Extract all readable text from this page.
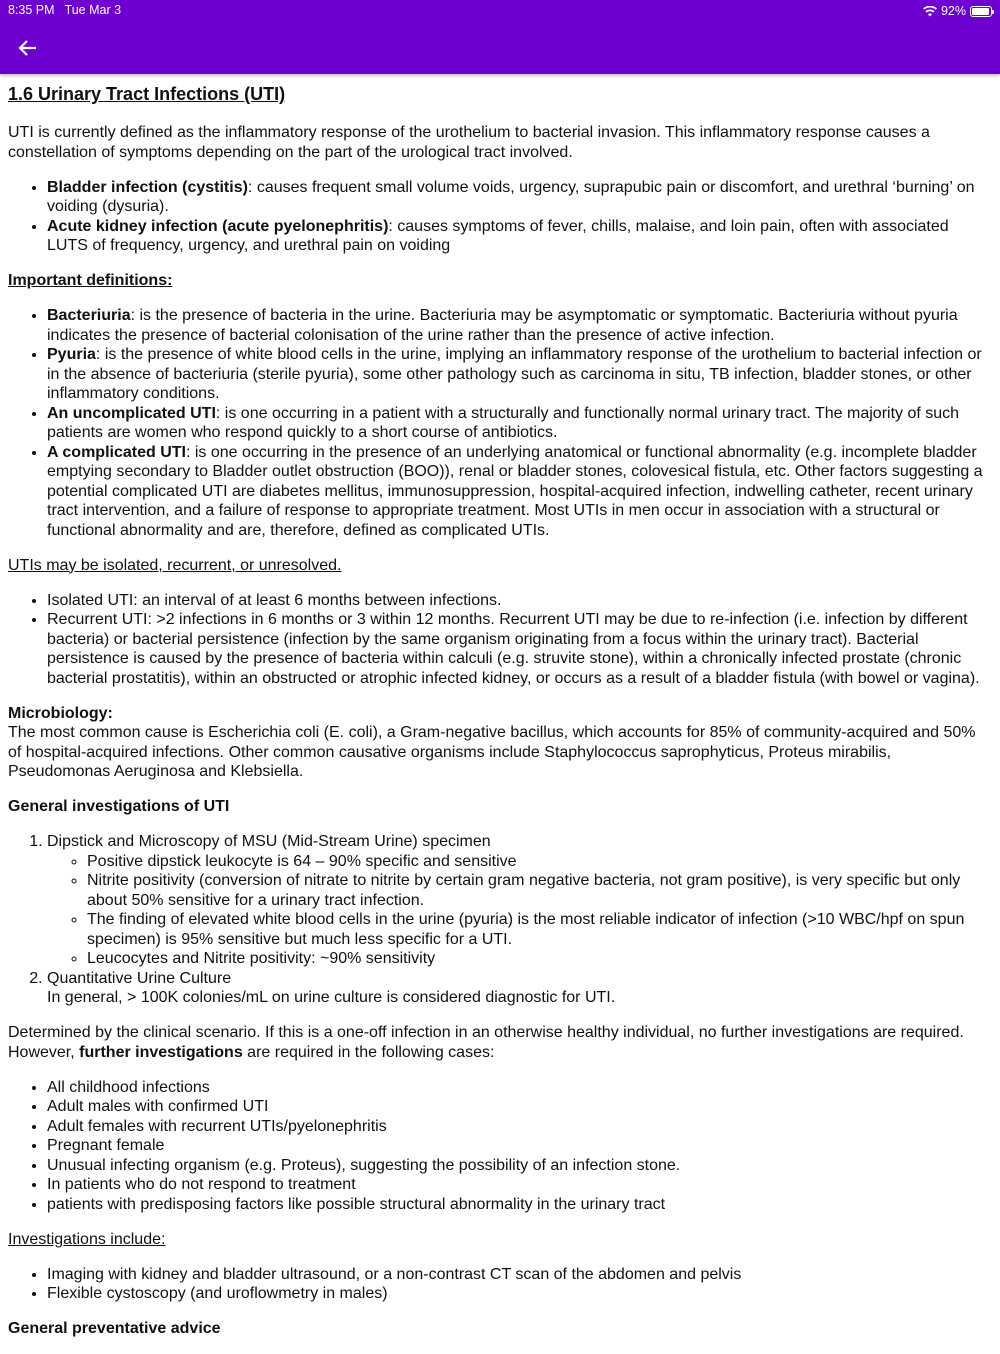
8:35 PM Tue Mar 3	92%
1.6 Urinary Tract Infections (UTI)

UTI is currently defined as the inflammatory response of the urothelium to bacterial invasion. This inflammatory response causes a constellation of symptoms depending on the part of the urological tract involved.

• Bladder infection (cystitis): causes frequent small volume voids, urgency, suprapubic pain or discomfort, and urethral ‘burning’ on voiding (dysuria).
• Acute kidney infection (acute pyelonephritis): causes symptoms of fever, chills, malaise, and loin pain, often with associated LUTS of frequency, urgency, and urethral pain on voiding

Important definitions:

• Bacteriuria: is the presence of bacteria in the urine. Bacteriuria may be asymptomatic or symptomatic. Bacteriuria without pyuria indicates the presence of bacterial colonisation of the urine rather than the presence of active infection.
• Pyuria: is the presence of white blood cells in the urine, implying an inflammatory response of the urothelium to bacterial infection or in the absence of bacteriuria (sterile pyuria), some other pathology such as carcinoma in situ, TB infection, bladder stones, or other inflammatory conditions.
• An uncomplicated UTI: is one occurring in a patient with a structurally and functionally normal urinary tract. The majority of such patients are women who respond quickly to a short course of antibiotics.
• A complicated UTI: is one occurring in the presence of an underlying anatomical or functional abnormality (e.g. incomplete bladder emptying secondary to Bladder outlet obstruction (BOO)), renal or bladder stones, colovesical fistula, etc. Other factors suggesting a potential complicated UTI are diabetes mellitus, immunosuppression, hospital-acquired infection, indwelling catheter, recent urinary tract intervention, and a failure of response to appropriate treatment. Most UTIs in men occur in association with a structural or functional abnormality and are, therefore, defined as complicated UTIs.

UTIs may be isolated, recurrent, or unresolved.

• Isolated UTI: an interval of at least 6 months between infections.
• Recurrent UTI: >2 infections in 6 months or 3 within 12 months. Recurrent UTI may be due to re-infection (i.e. infection by different bacteria) or bacterial persistence (infection by the same organism originating from a focus within the urinary tract). Bacterial persistence is caused by the presence of bacteria within calculi (e.g. struvite stone), within a chronically infected prostate (chronic bacterial prostatitis), within an obstructed or atrophic infected kidney, or occurs as a result of a bladder fistula (with bowel or vagina).

Microbiology:
The most common cause is Escherichia coli (E. coli), a Gram-negative bacillus, which accounts for 85% of community-acquired and 50% of hospital-acquired infections. Other common causative organisms include Staphylococcus saprophyticus, Proteus mirabilis, Pseudomonas Aeruginosa and Klebsiella.

General investigations of UTI

1. Dipstick and Microscopy of MSU (Mid-Stream Urine) specimen
◦ Positive dipstick leukocyte is 64 – 90% specific and sensitive
◦ Nitrite positivity (conversion of nitrate to nitrite by certain gram negative bacteria, not gram positive), is very specific but only about 50% sensitive for a urinary tract infection.
◦ The finding of elevated white blood cells in the urine (pyuria) is the most reliable indicator of infection (>10 WBC/hpf on spun specimen) is 95% sensitive but much less specific for a UTI.
◦ Leucocytes and Nitrite positivity: ~90% sensitivity
2. Quantitative Urine Culture
In general, > 100K colonies/mL on urine culture is considered diagnostic for UTI.

Determined by the clinical scenario. If this is a one-off infection in an otherwise healthy individual, no further investigations are required. However, further investigations are required in the following cases:

• All childhood infections
• Adult males with confirmed UTI
• Adult females with recurrent UTIs/pyelonephritis
• Pregnant female
• Unusual infecting organism (e.g. Proteus), suggesting the possibility of an infection stone.
• In patients who do not respond to treatment
• patients with predisposing factors like possible structural abnormality in the urinary tract

Investigations include:

• Imaging with kidney and bladder ultrasound, or a non-contrast CT scan of the abdomen and pelvis
• Flexible cystoscopy (and uroflowmetry in males)

General preventative advice
